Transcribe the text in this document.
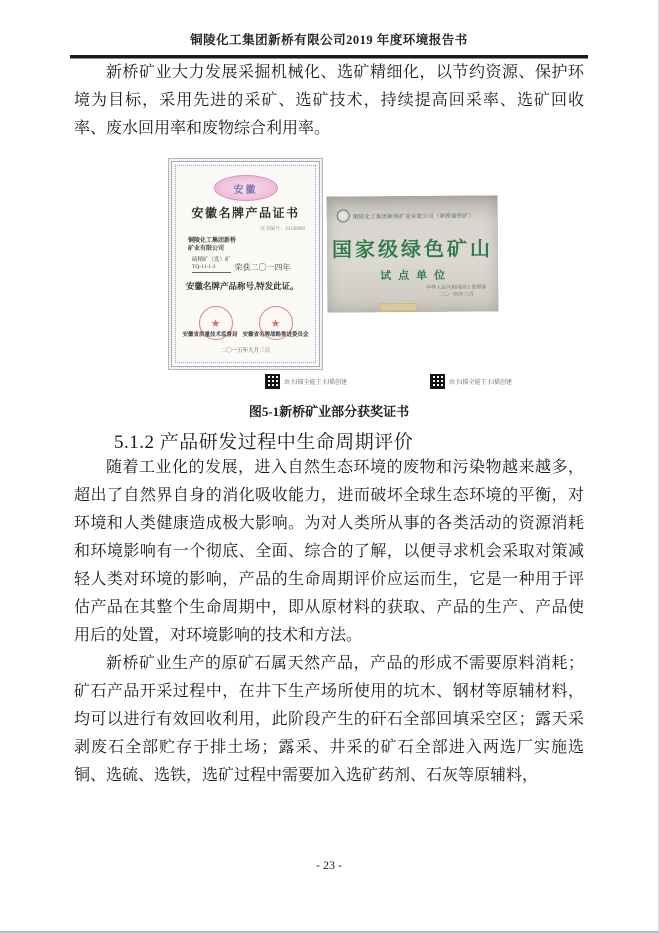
铜陵化工集团新桥有限公司2019 年度环境报告书

新桥矿业大力发展采掘机械化、选矿精细化，以节约资源、保护环境为目标，采用先进的采矿、选矿技术，持续提高回采率、选矿回收率、废水回用率和废物综合利用率。

安徽
安徽名牌产品证书
证书编号：20140089
铜陵化工集团新桥
矿业有限公司
硫精矿（选）矿
TQ-11-1-2	荣获二〇一四年
安徽名牌产品称号,特发此证。
★	★
安徽省质量技术监督局 安徽省名牌战略推进委员会
二〇一五年九月三日
铜陵化工集团新桥矿业有限公司（新桥硫铁矿）
国家级绿色矿山
试点单位
中华人民共和国国土资源部
二〇一四年三月
由 扫描全能王 扫描创建	由 扫描全能王 扫描创建
图5-1新桥矿业部分获奖证书
5.1.2 产品研发过程中生命周期评价

随着工业化的发展，进入自然生态环境的废物和污染物越来越多，超出了自然界自身的消化吸收能力，进而破坏全球生态环境的平衡，对环境和人类健康造成极大影响。为对人类所从事的各类活动的资源消耗和环境影响有一个彻底、全面、综合的了解，以便寻求机会采取对策减轻人类对环境的影响，产品的生命周期评价应运而生，它是一种用于评估产品在其整个生命周期中，即从原材料的获取、产品的生产、产品使用后的处置，对环境影响的技术和方法。

新桥矿业生产的原矿石属天然产品，产品的形成不需要原料消耗；矿石产品开采过程中，在井下生产场所使用的坑木、钢材等原辅材料，均可以进行有效回收利用，此阶段产生的矸石全部回填采空区；露天采剥废石全部贮存于排土场；露采、井采的矿石全部进入两选厂实施选铜、选硫、选铁，选矿过程中需要加入选矿药剂、石灰等原辅料，

- 23 -
